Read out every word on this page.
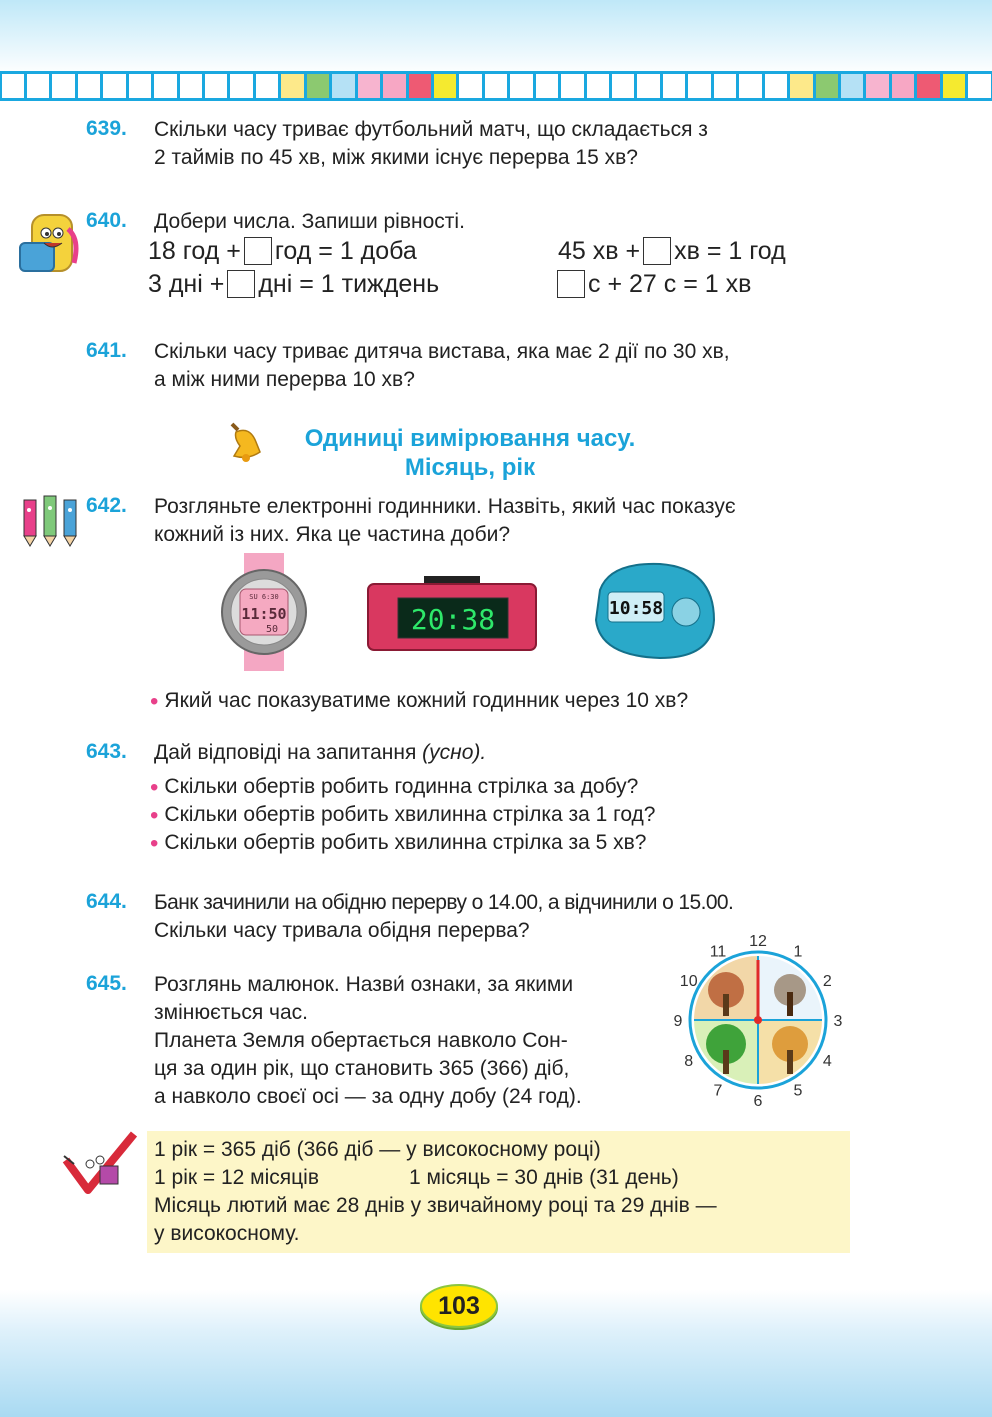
639. Скільки часу триває футбольний матч, що складається з
2 таймів по 45 хв, між якими існує перерва 15 хв?
640. Добери числа. Запиши рівності.
18 год + год = 1 доба	45 хв + хв = 1 год
3 дні + дні = 1 тиждень	с + 27 с = 1 хв
641. Скільки часу триває дитяча вистава, яка має 2 дії по 30 хв,
а між ними перерва 10 хв?
Одиниці вимірювання часу.
Місяць, рік
642. Розгляньте електронні годинники. Назвіть, який час показує
кожний із них. Яка це частина доби?
SU 6:30
11:50
50	20:38	10:58
• Який час показуватиме кожний годинник через 10 хв?
643. Дай відповіді на запитання (усно).
• Скільки обертів робить годинна стрілка за добу?
• Скільки обертів робить хвилинна стрілка за 1 год?
• Скільки обертів робить хвилинна стрілка за 5 хв?
644. Банк зачинили на обідню перерву о 14.00, а відчинили о 15.00.
Скільки часу тривала обідня перерва?
645. Розглянь малюнок. Назви́ ознаки, за якими
змінюється час.
Планета Земля обертається навколо Сон-
ця за один рік, що становить 365 (366) діб,
а навколо своєї осі — за одну добу (24 год).
12
1
2
3
4
5
6
7
8
9
10
11
1 рік = 365 діб (366 діб — у високосному році)
1 рік = 12 місяців	1 місяць = 30 днів (31 день)
Місяць лютий має 28 днів у звичайному році та 29 днів —
у високосному.
103
